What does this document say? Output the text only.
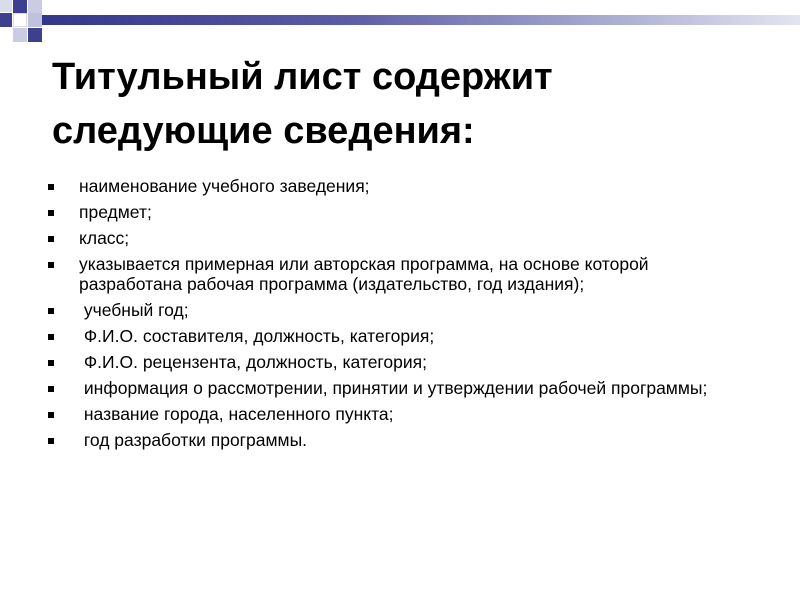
Титульный лист содержит
следующие сведения:
наименование учебного заведения;
предмет;
класс;
указывается примерная или авторская программа, на основе которой разработана рабочая программа (издательство, год издания);
учебный год;
Ф.И.О. составителя, должность, категория;
Ф.И.О. рецензента, должность, категория;
информация о рассмотрении, принятии и утверждении рабочей программы;
название города, населенного пункта;
год разработки программы.
